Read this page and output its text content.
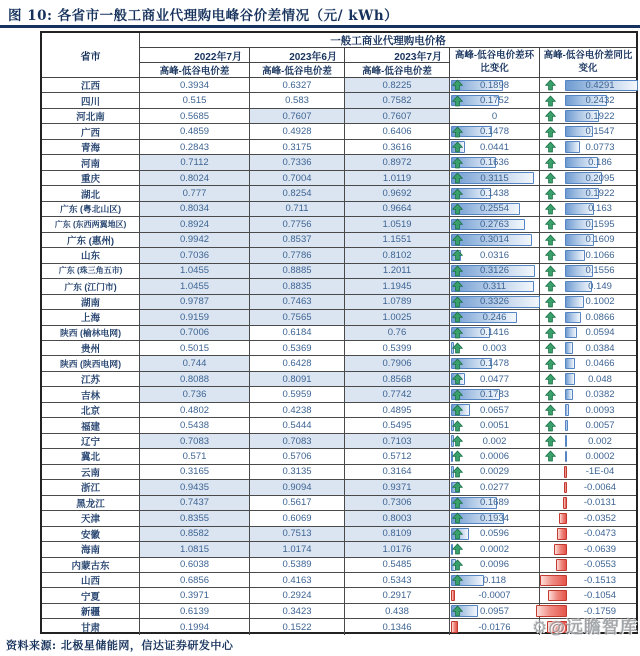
图 10: 各省市一般工商业代理购电峰谷价差情况（元/ kWh）
省市
一般工商业代理购电价格
2022年7月	2023年6月	2023年7月
高峰-低谷电价差	高峰-低谷电价差	高峰-低谷电价差
高峰-低谷电价差环比变化
高峰-低谷电价差同比变化
江西	0.3934	0.6327	0.8225	0.1898	0.4291
四川	0.515	0.583	0.7582	0.1752	0.2432
河北南	0.5685	0.7607	0.7607	0	0.1922
广西	0.4859	0.4928	0.6406	0.1478	0.1547
青海	0.2843	0.3175	0.3616	0.0441	0.0773
河南	0.7112	0.7336	0.8972	0.1636	0.186
重庆	0.8024	0.7004	1.0119	0.3115	0.2095
湖北	0.777	0.8254	0.9692	0.1438	0.1922
广东 (粤北山区)	0.8034	0.711	0.9664	0.2554	0.163
广东 (东西两翼地区)	0.8924	0.7756	1.0519	0.2763	0.1595
广东 (惠州)	0.9942	0.8537	1.1551	0.3014	0.1609
山东	0.7036	0.7786	0.8102	0.0316	0.1066
广东 (珠三角五市)	1.0455	0.8885	1.2011	0.3126	0.1556
广东 (江门市)	1.0455	0.8835	1.1945	0.311	0.149
湖南	0.9787	0.7463	1.0789	0.3326	0.1002
上海	0.9159	0.7565	1.0025	0.246	0.0866
陕西 (榆林电网)	0.7006	0.6184	0.76	0.1416	0.0594
贵州	0.5015	0.5369	0.5399	0.003	0.0384
陕西 (陕西电网)	0.744	0.6428	0.7906	0.1478	0.0466
江苏	0.8088	0.8091	0.8568	0.0477	0.048
吉林	0.736	0.5959	0.7742	0.1783	0.0382
北京	0.4802	0.4238	0.4895	0.0657	0.0093
福建	0.5438	0.5444	0.5495	0.0051	0.0057
辽宁	0.7083	0.7083	0.7103	0.002	0.002
冀北	0.571	0.5706	0.5712	0.0006	0.0002
云南	0.3165	0.3135	0.3164	0.0029	-1E-04
浙江	0.9435	0.9094	0.9371	0.0277	-0.0064
黑龙江	0.7437	0.5617	0.7306	0.1689	-0.0131
天津	0.8355	0.6069	0.8003	0.1934	-0.0352
安徽	0.8582	0.7513	0.8109	0.0596	-0.0473
海南	1.0815	1.0174	1.0176	0.0002	-0.0639
内蒙古东	0.6038	0.5389	0.5485	0.0096	-0.0553
山西	0.6856	0.4163	0.5343	0.118	-0.1513
宁夏	0.3971	0.2924	0.2917	-0.0007	-0.1054
新疆	0.6139	0.3423	0.438	0.0957	-0.1759
甘肃	0.1994	0.1522	0.1346	-0.0176
资料来源: 北极星储能网，信达证券研发中心
⚙@远瞻智库
